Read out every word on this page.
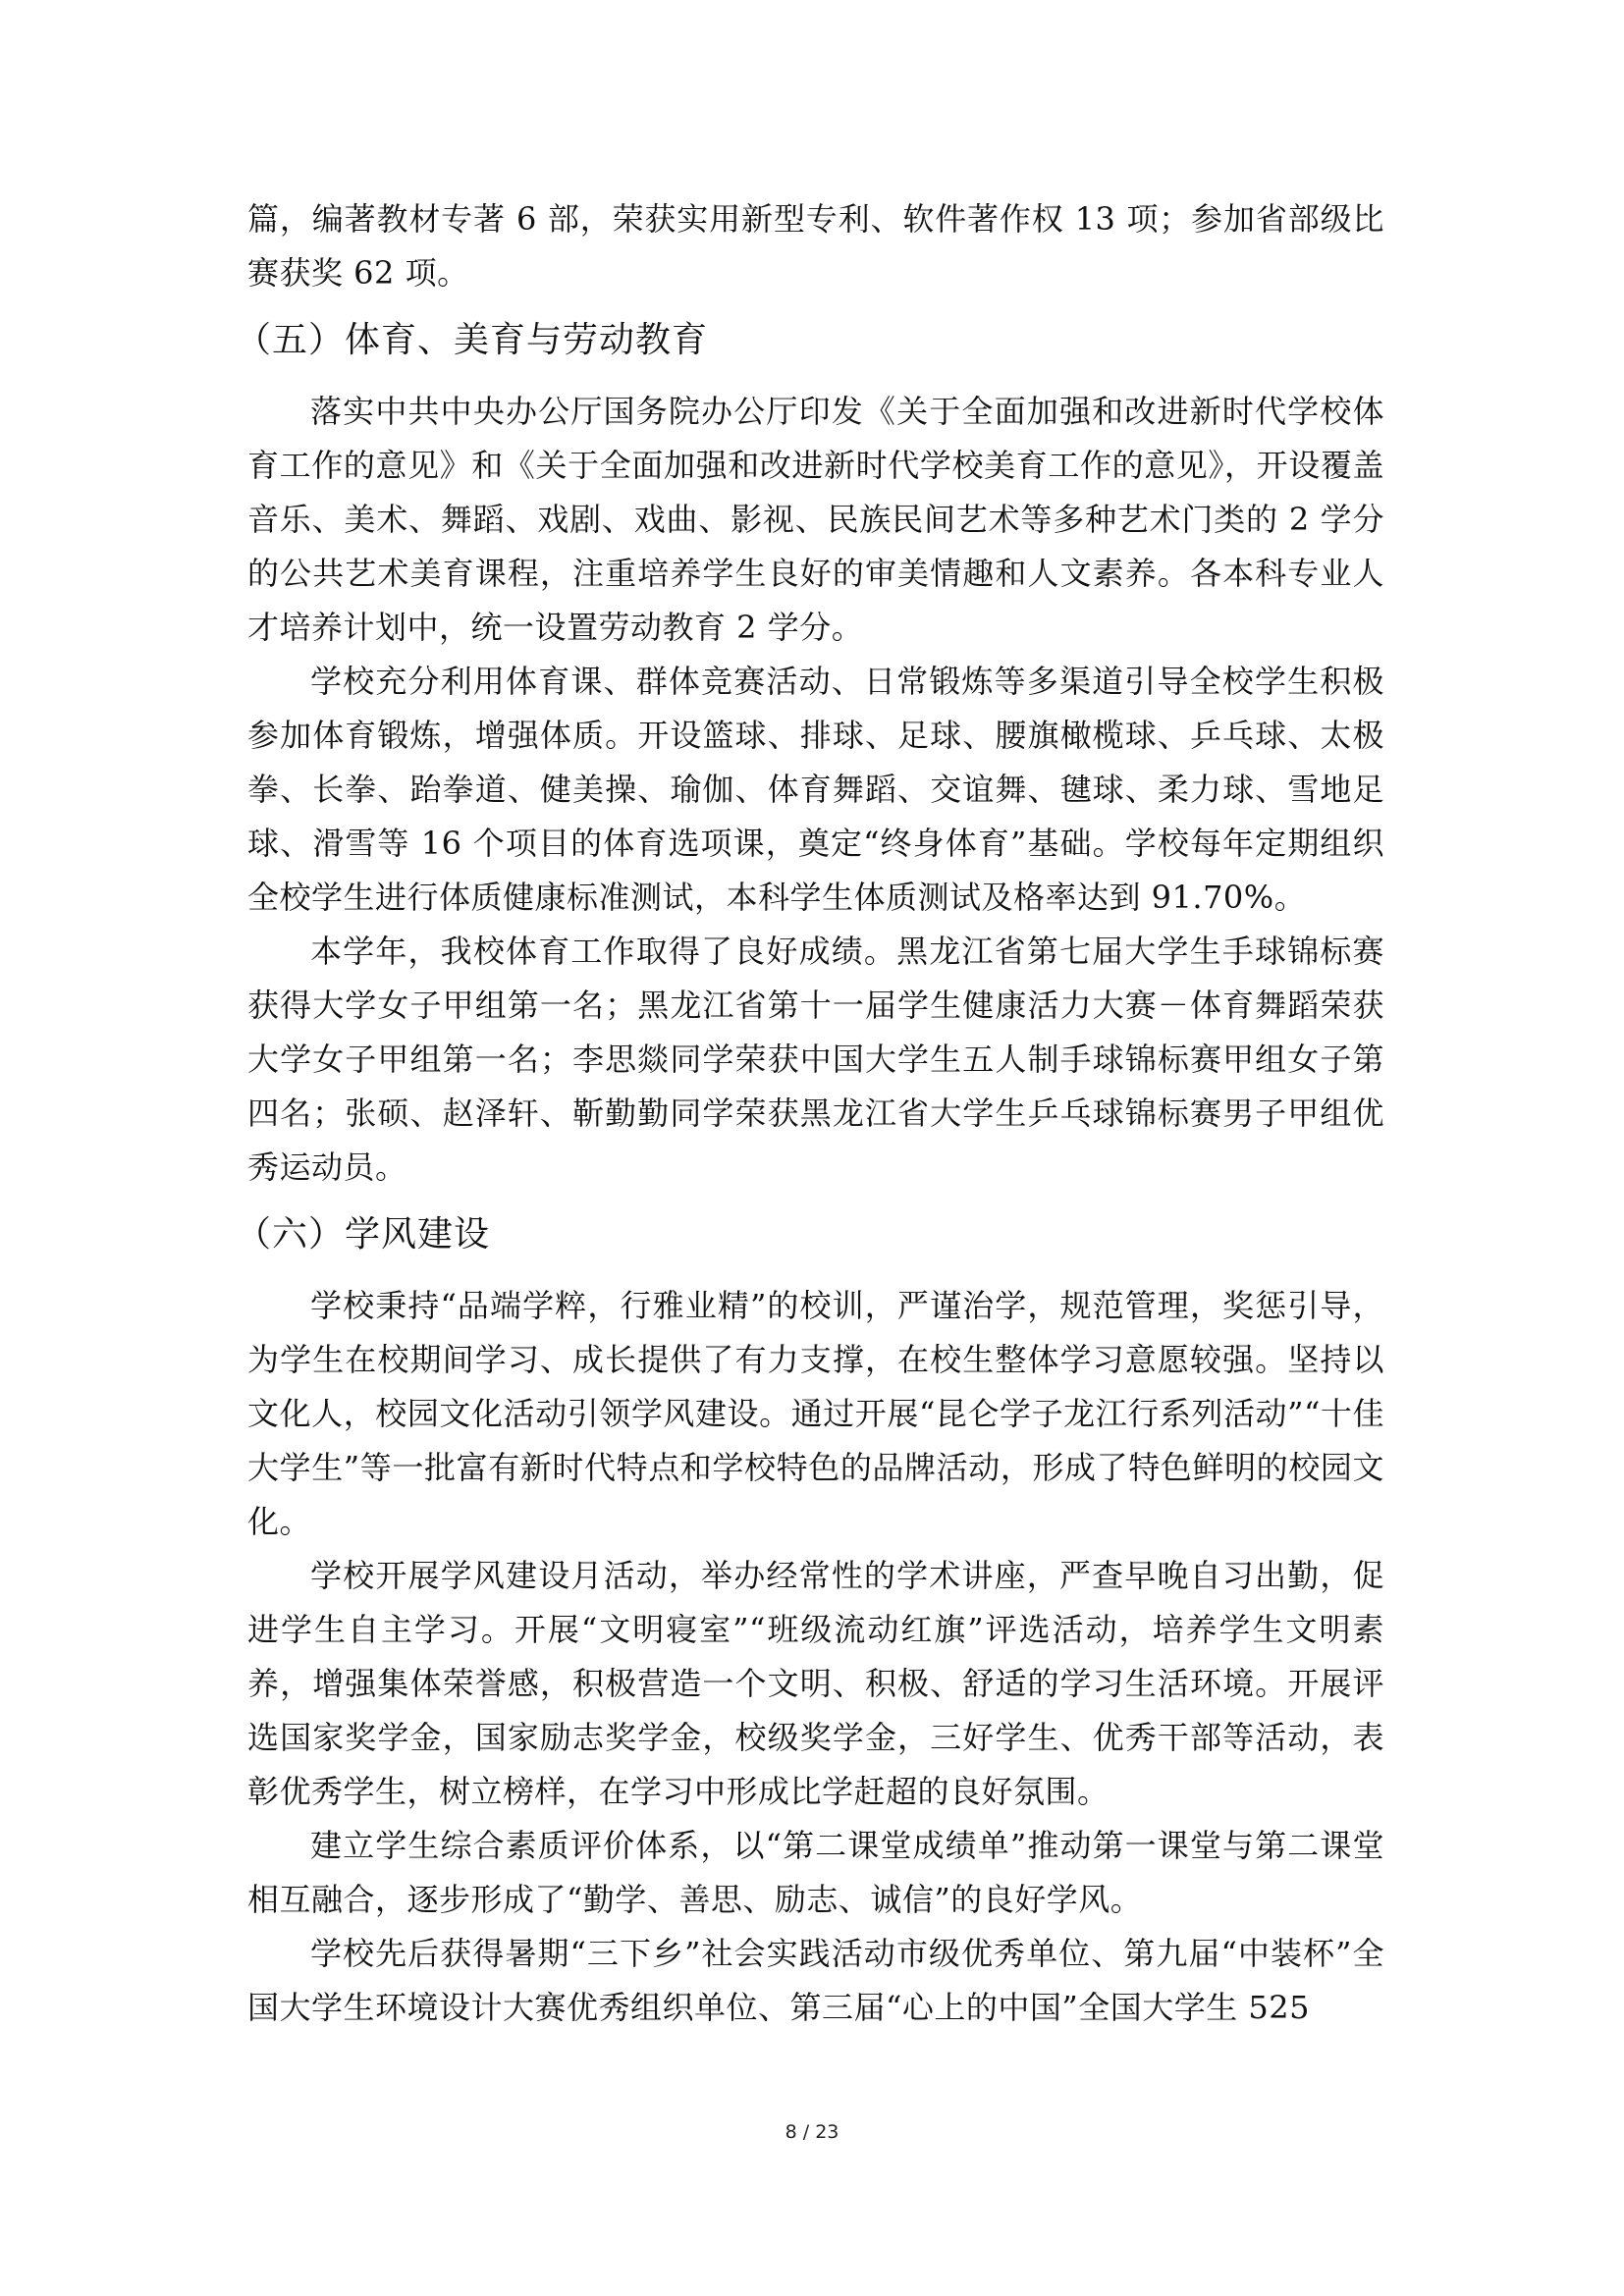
篇，编著教材专著 6 部，荣获实用新型专利、软件著作权 13 项；参加省部级比赛获奖 62 项。

（五）体育、美育与劳动教育

落实中共中央办公厅国务院办公厅印发《关于全面加强和改进新时代学校体育工作的意见》和《关于全面加强和改进新时代学校美育工作的意见》，开设覆盖音乐、美术、舞蹈、戏剧、戏曲、影视、民族民间艺术等多种艺术门类的 2 学分的公共艺术美育课程，注重培养学生良好的审美情趣和人文素养。各本科专业人才培养计划中，统一设置劳动教育 2 学分。

学校充分利用体育课、群体竞赛活动、日常锻炼等多渠道引导全校学生积极参加体育锻炼，增强体质。开设篮球、排球、足球、腰旗橄榄球、乒乓球、太极拳、长拳、跆拳道、健美操、瑜伽、体育舞蹈、交谊舞、毽球、柔力球、雪地足球、滑雪等 16 个项目的体育选项课，奠定“终身体育”基础。学校每年定期组织全校学生进行体质健康标准测试，本科学生体质测试及格率达到 91.70%。

本学年，我校体育工作取得了良好成绩。黑龙江省第七届大学生手球锦标赛获得大学女子甲组第一名；黑龙江省第十一届学生健康活力大赛－体育舞蹈荣获大学女子甲组第一名；李思燚同学荣获中国大学生五人制手球锦标赛甲组女子第四名；张硕、赵泽轩、靳勤勤同学荣获黑龙江省大学生乒乓球锦标赛男子甲组优秀运动员。

（六）学风建设

学校秉持“品端学粹，行雅业精”的校训，严谨治学，规范管理，奖惩引导，为学生在校期间学习、成长提供了有力支撑，在校生整体学习意愿较强。坚持以文化人，校园文化活动引领学风建设。通过开展“昆仑学子龙江行系列活动”“十佳大学生”等一批富有新时代特点和学校特色的品牌活动，形成了特色鲜明的校园文化。

学校开展学风建设月活动，举办经常性的学术讲座，严查早晚自习出勤，促进学生自主学习。开展“文明寝室”“班级流动红旗”评选活动，培养学生文明素养，增强集体荣誉感，积极营造一个文明、积极、舒适的学习生活环境。开展评选国家奖学金，国家励志奖学金，校级奖学金，三好学生、优秀干部等活动，表彰优秀学生，树立榜样，在学习中形成比学赶超的良好氛围。

建立学生综合素质评价体系，以“第二课堂成绩单”推动第一课堂与第二课堂相互融合，逐步形成了“勤学、善思、励志、诚信”的良好学风。

学校先后获得暑期“三下乡”社会实践活动市级优秀单位、第九届“中装杯”全国大学生环境设计大赛优秀组织单位、第三届“心上的中国”全国大学生 525

8 / 23
